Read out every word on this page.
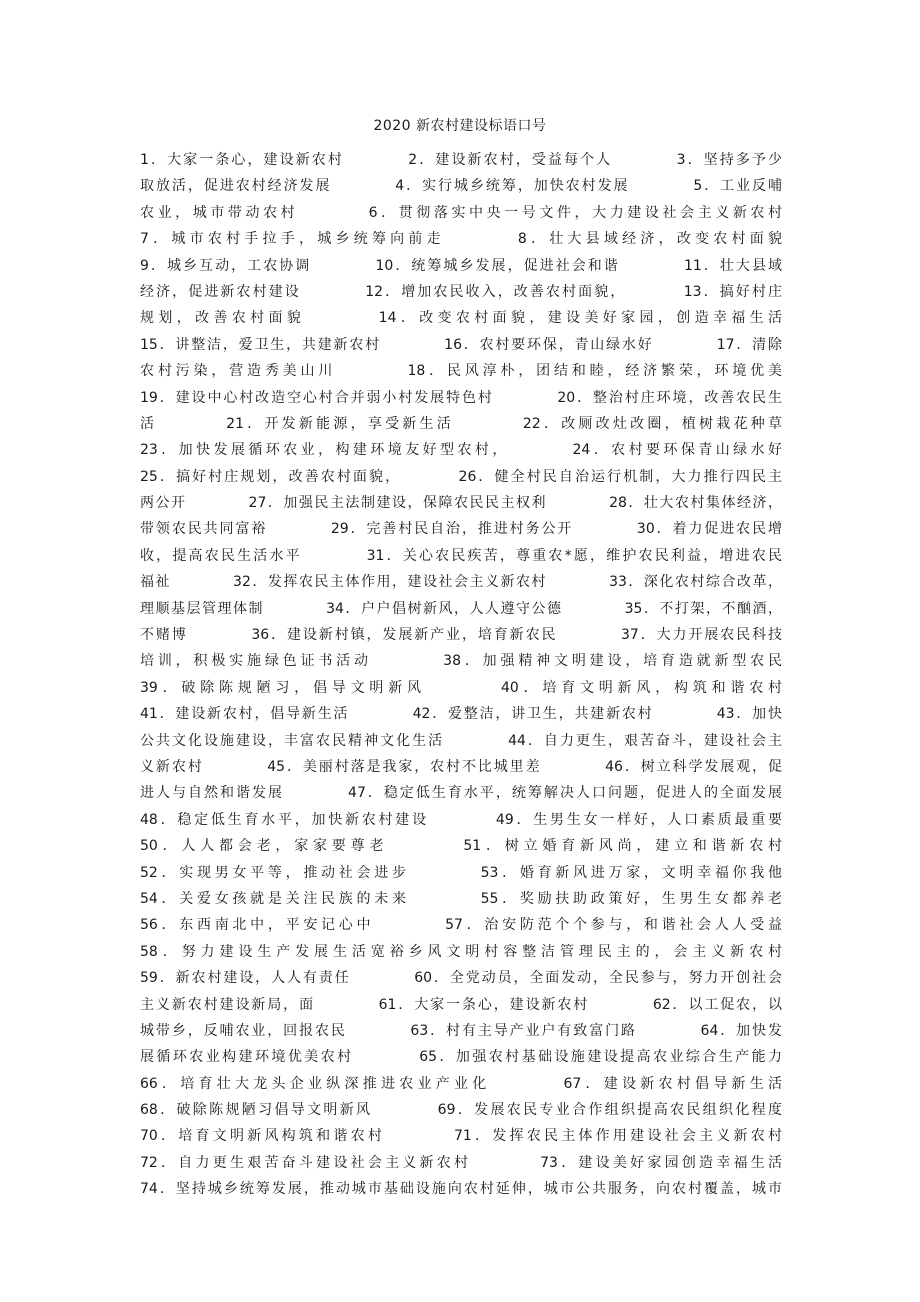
2020 新农村建设标语口号
1．大家一条心，建设新农村　　　　2．建设新农村，受益每个人　　　　3．坚持多予少
取放活，促进农村经济发展　　　　4．实行城乡统筹，加快农村发展　　　　5．工业反哺
农业，城市带动农村　　　　6．贯彻落实中央一号文件，大力建设社会主义新农村
7．城市农村手拉手，城乡统筹向前走　　　　8．壮大县域经济，改变农村面貌
9．城乡互动，工农协调　　　　10．统筹城乡发展，促进社会和谐　　　　11．壮大县域
经济，促进新农村建设　　　　12．增加农民收入，改善农村面貌，　　　　13．搞好村庄
规划，改善农村面貌　　　　14．改变农村面貌，建设美好家园，创造幸福生活
15．讲整洁，爱卫生，共建新农村　　　　16．农村要环保，青山绿水好　　　　17．清除
农村污染，营造秀美山川　　　　18．民风淳朴，团结和睦，经济繁荣，环境优美
19．建设中心村改造空心村合并弱小村发展特色村　　　　20．整治村庄环境，改善农民生
活　　　　21．开发新能源，享受新生活　　　　22．改厕改灶改圈，植树栽花种草
23．加快发展循环农业，构建环境友好型农村，　　　　24．农村要环保青山绿水好
25．搞好村庄规划，改善农村面貌，　　　　26．健全村民自治运行机制，大力推行四民主
两公开　　　　27．加强民主法制建设，保障农民民主权利　　　　28．壮大农村集体经济，
带领农民共同富裕　　　　29．完善村民自治，推进村务公开　　　　30．着力促进农民增
收，提高农民生活水平　　　　31．关心农民疾苦，尊重农*愿，维护农民利益，增进农民
福祉　　　　32．发挥农民主体作用，建设社会主义新农村　　　　33．深化农村综合改革，
理顺基层管理体制　　　　34．户户倡树新风，人人遵守公德　　　　35．不打架，不酗酒，
不赌博　　　　36．建设新村镇，发展新产业，培育新农民　　　　37．大力开展农民科技
培训，积极实施绿色证书活动　　　　38．加强精神文明建设，培育造就新型农民
39．破除陈规陋习，倡导文明新风　　　　40．培育文明新风，构筑和谐农村
41．建设新农村，倡导新生活　　　　42．爱整洁，讲卫生，共建新农村　　　　43．加快
公共文化设施建设，丰富农民精神文化生活　　　　44．自力更生，艰苦奋斗，建设社会主
义新农村　　　　45．美丽村落是我家，农村不比城里差　　　　46．树立科学发展观，促
进人与自然和谐发展　　　　47．稳定低生育水平，统筹解决人口问题，促进人的全面发展
48．稳定低生育水平，加快新农村建设　　　　49．生男生女一样好，人口素质最重要
50．人人都会老，家家要尊老　　　　51．树立婚育新风尚，建立和谐新农村
52．实现男女平等，推动社会进步　　　　53．婚育新风进万家，文明幸福你我他
54．关爱女孩就是关注民族的未来　　　　55．奖励扶助政策好，生男生女都养老
56．东西南北中，平安记心中　　　　57．治安防范个个参与，和谐社会人人受益
58．努力建设生产发展生活宽裕乡风文明村容整洁管理民主的，会主义新农村
59．新农村建设，人人有责任　　　　60．全党动员，全面发动，全民参与，努力开创社会
主义新农村建设新局，面　　　　61．大家一条心，建设新农村　　　　62．以工促农，以
城带乡，反哺农业，回报农民　　　　63．村有主导产业户有致富门路　　　　64．加快发
展循环农业构建环境优美农村　　　　65．加强农村基础设施建设提高农业综合生产能力
66．培育壮大龙头企业纵深推进农业产业化　　　　67．建设新农村倡导新生活
68．破除陈规陋习倡导文明新风　　　　69．发展农民专业合作组织提高农民组织化程度
70．培育文明新风构筑和谐农村　　　　71．发挥农民主体作用建设社会主义新农村
72．自力更生艰苦奋斗建设社会主义新农村　　　　73．建设美好家园创造幸福生活
74．坚持城乡统筹发展，推动城市基础设施向农村延伸，城市公共服务，向农村覆盖，城市
